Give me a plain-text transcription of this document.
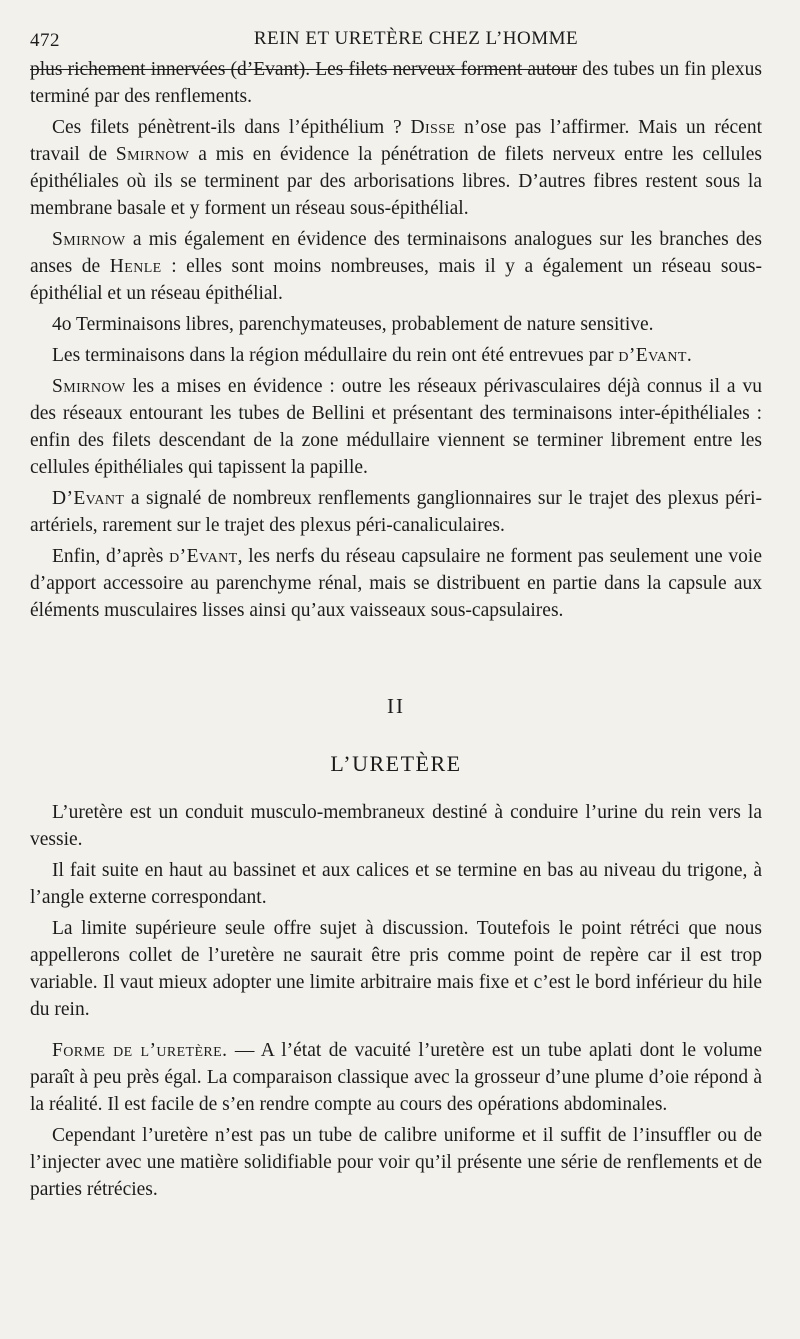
472	REIN ET URETÈRE CHEZ L’HOMME

plus richement innervées (d’Evant). Les filets nerveux forment autour des tubes un fin plexus terminé par des renflements.

Ces filets pénètrent-ils dans l’épithélium ? Disse n’ose pas l’affirmer. Mais un récent travail de Smirnow a mis en évidence la pénétration de filets nerveux entre les cellules épithéliales où ils se terminent par des arborisations libres. D’autres fibres restent sous la membrane basale et y forment un réseau sous-épithélial.

Smirnow a mis également en évidence des terminaisons analogues sur les branches des anses de Henle : elles sont moins nombreuses, mais il y a également un réseau sous-épithélial et un réseau épithélial.

4o Terminaisons libres, parenchymateuses, probablement de nature sensitive.

Les terminaisons dans la région médullaire du rein ont été entrevues par d’Evant.

Smirnow les a mises en évidence : outre les réseaux périvasculaires déjà connus il a vu des réseaux entourant les tubes de Bellini et présentant des terminaisons inter-épithéliales : enfin des filets descendant de la zone médullaire viennent se terminer librement entre les cellules épithéliales qui tapissent la papille.

D’Evant a signalé de nombreux renflements ganglionnaires sur le trajet des plexus péri-artériels, rarement sur le trajet des plexus péri-canaliculaires.

Enfin, d’après d’Evant, les nerfs du réseau capsulaire ne forment pas seulement une voie d’apport accessoire au parenchyme rénal, mais se distribuent en partie dans la capsule aux éléments musculaires lisses ainsi qu’aux vaisseaux sous-capsulaires.

II
L’URETÈRE

L’uretère est un conduit musculo-membraneux destiné à conduire l’urine du rein vers la vessie.

Il fait suite en haut au bassinet et aux calices et se termine en bas au niveau du trigone, à l’angle externe correspondant.

La limite supérieure seule offre sujet à discussion. Toutefois le point rétréci que nous appellerons collet de l’uretère ne saurait être pris comme point de repère car il est trop variable. Il vaut mieux adopter une limite arbitraire mais fixe et c’est le bord inférieur du hile du rein.

Forme de l’uretère. — A l’état de vacuité l’uretère est un tube aplati dont le volume paraît à peu près égal. La comparaison classique avec la grosseur d’une plume d’oie répond à la réalité. Il est facile de s’en rendre compte au cours des opérations abdominales.

Cependant l’uretère n’est pas un tube de calibre uniforme et il suffit de l’insuffler ou de l’injecter avec une matière solidifiable pour voir qu’il présente une série de renflements et de parties rétrécies.
